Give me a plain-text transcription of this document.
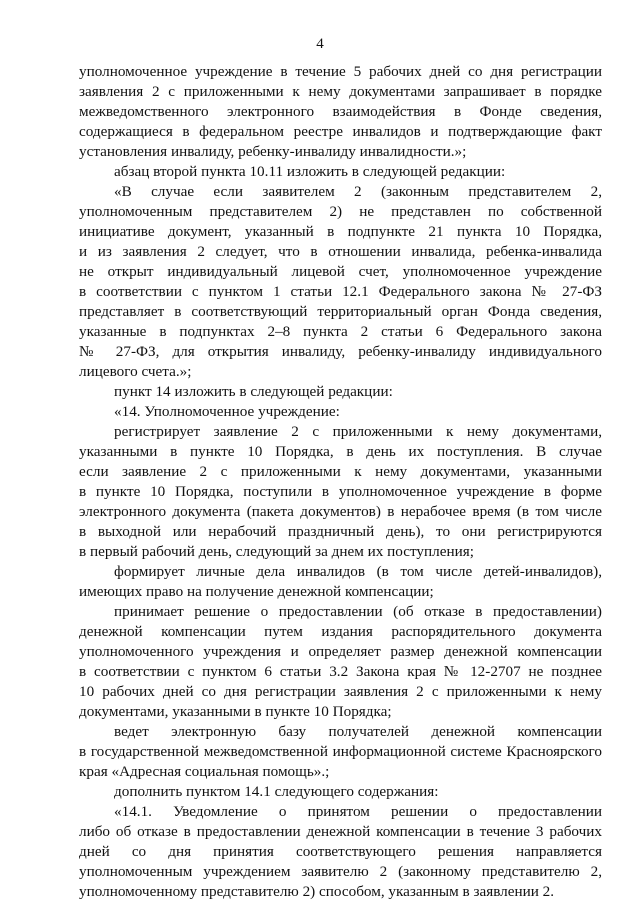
4
уполномоченное учреждение в течение 5 рабочих дней со дня регистрации
заявления 2 с приложенными к нему документами запрашивает в порядке
межведомственного электронного взаимодействия в Фонде сведения,
содержащиеся в федеральном реестре инвалидов и подтверждающие факт
установления инвалиду, ребенку-инвалиду инвалидности.»;
абзац второй пункта 10.11 изложить в следующей редакции:
«В случае если заявителем 2 (законным представителем 2,
уполномоченным представителем 2) не представлен по собственной
инициативе документ, указанный в подпункте 21 пункта 10 Порядка,
и из заявления 2 следует, что в отношении инвалида, ребенка-инвалида
не открыт индивидуальный лицевой счет, уполномоченное учреждение
в соответствии с пунктом 1 статьи 12.1 Федерального закона № 27-ФЗ
представляет в соответствующий территориальный орган Фонда сведения,
указанные в подпунктах 2–8 пункта 2 статьи 6 Федерального закона
№ 27-ФЗ, для открытия инвалиду, ребенку-инвалиду индивидуального
лицевого счета.»;
пункт 14 изложить в следующей редакции:
«14. Уполномоченное учреждение:
регистрирует заявление 2 с приложенными к нему документами,
указанными в пункте 10 Порядка, в день их поступления. В случае
если заявление 2 с приложенными к нему документами, указанными
в пункте 10 Порядка, поступили в уполномоченное учреждение в форме
электронного документа (пакета документов) в нерабочее время (в том числе
в выходной или нерабочий праздничный день), то они регистрируются
в первый рабочий день, следующий за днем их поступления;
формирует личные дела инвалидов (в том числе детей-инвалидов),
имеющих право на получение денежной компенсации;
принимает решение о предоставлении (об отказе в предоставлении)
денежной компенсации путем издания распорядительного документа
уполномоченного учреждения и определяет размер денежной компенсации
в соответствии с пунктом 6 статьи 3.2 Закона края № 12-2707 не позднее
10 рабочих дней со дня регистрации заявления 2 с приложенными к нему
документами, указанными в пункте 10 Порядка;
ведет электронную базу получателей денежной компенсации
в государственной межведомственной информационной системе Красноярского
края «Адресная социальная помощь».;
дополнить пунктом 14.1 следующего содержания:
«14.1. Уведомление о принятом решении о предоставлении
либо об отказе в предоставлении денежной компенсации в течение 3 рабочих
дней со дня принятия соответствующего решения направляется
уполномоченным учреждением заявителю 2 (законному представителю 2,
уполномоченному представителю 2) способом, указанным в заявлении 2.
